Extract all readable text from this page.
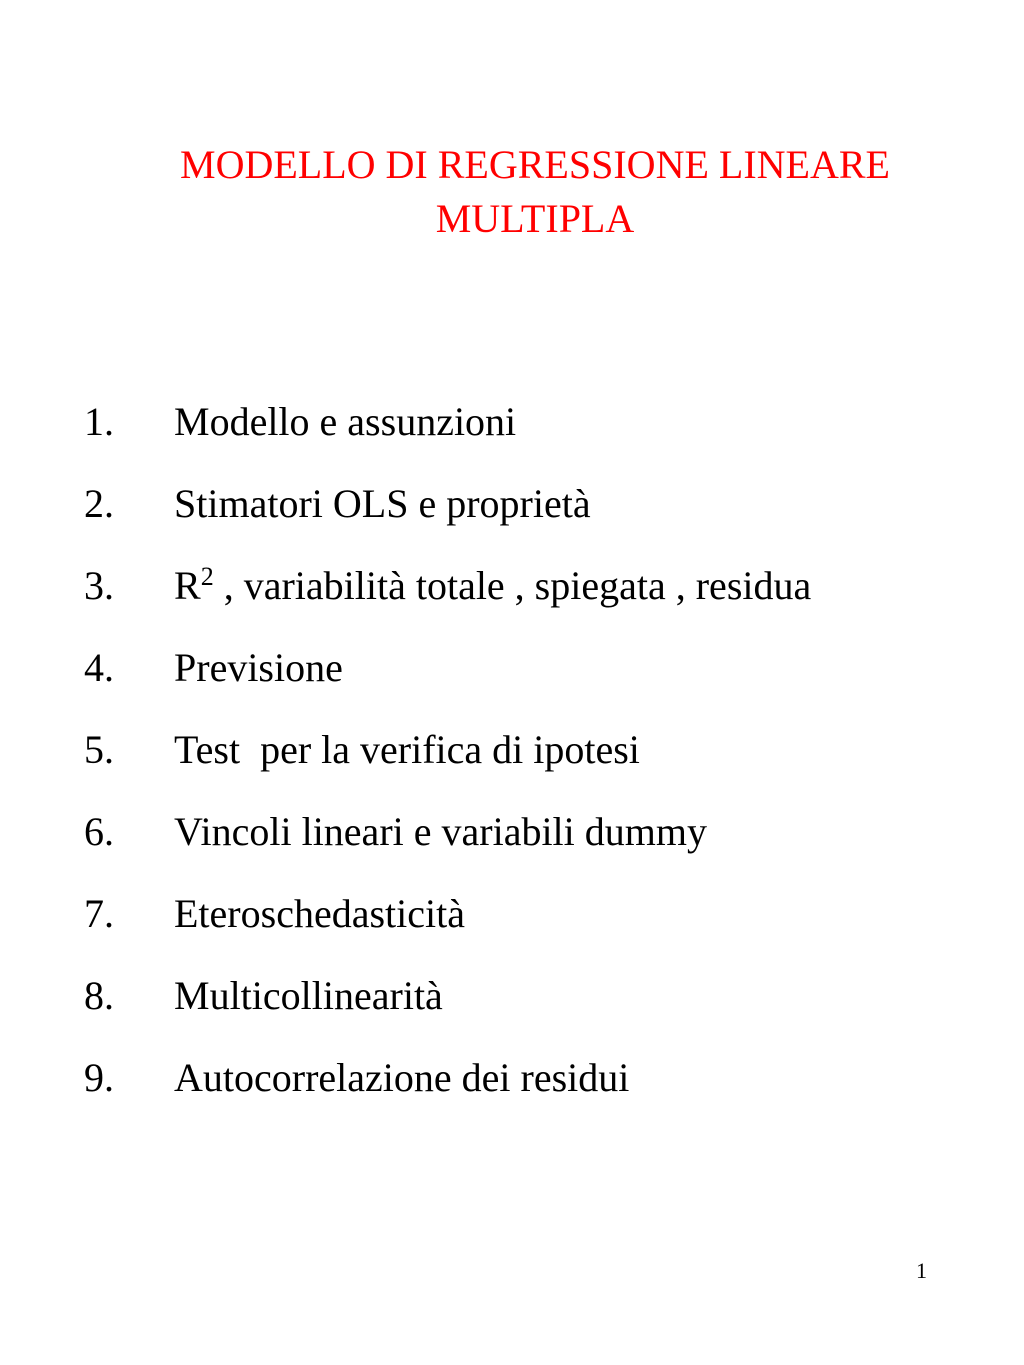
MODELLO DI REGRESSIONE LINEARE
MULTIPLA
1. Modello e assunzioni
2. Stimatori OLS e proprietà
3. $R^2$ , variabilità totale , spiegata , residua
4. Previsione
5. Test  per la verifica di ipotesi
6. Vincoli lineari e variabili dummy
7. Eteroschedasticità
8. Multicollinearità
9. Autocorrelazione dei residui
1
